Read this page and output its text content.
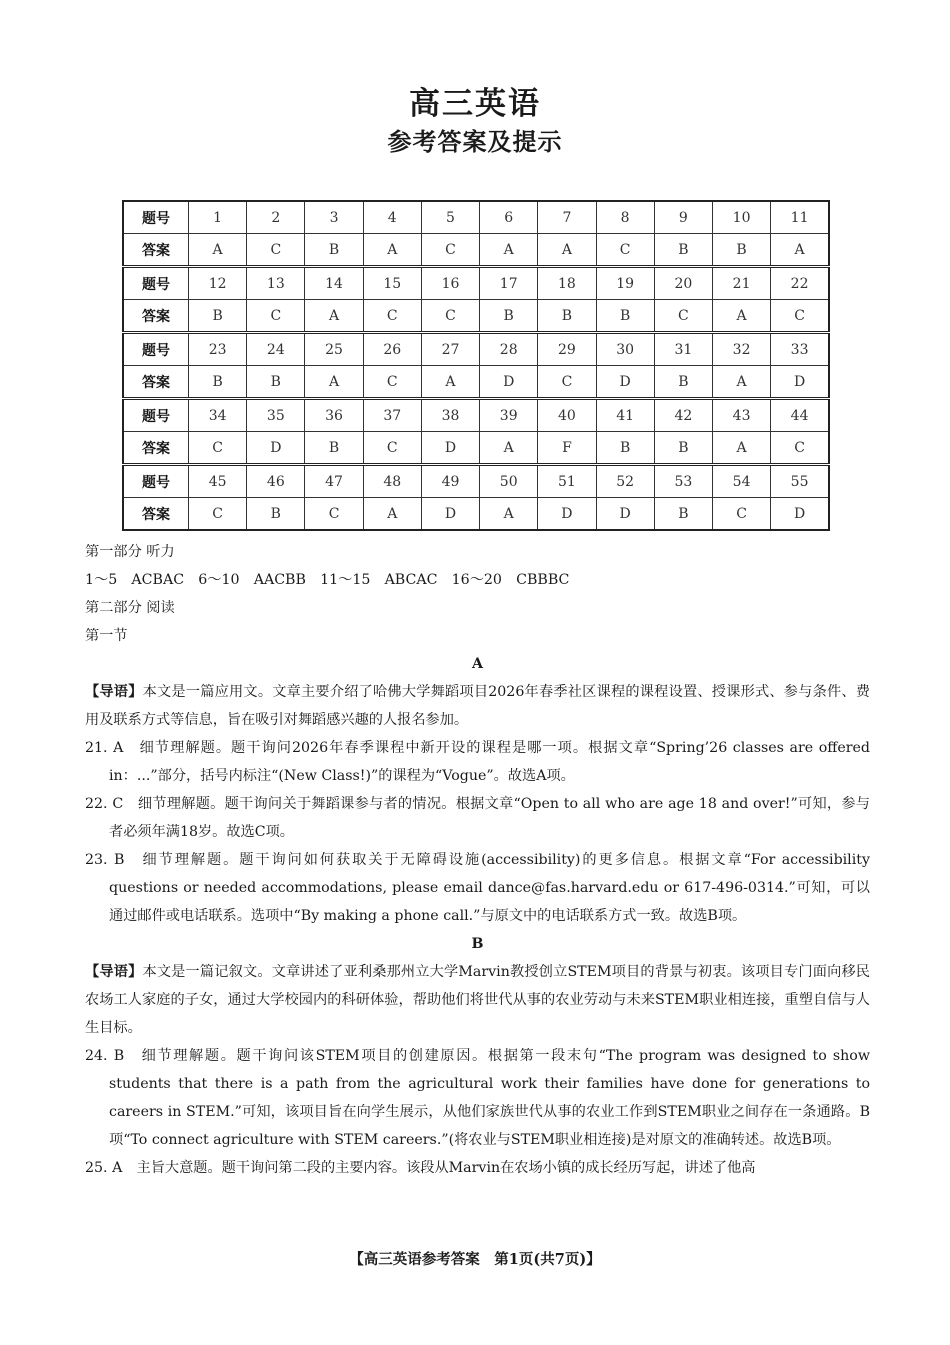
高三英语
参考答案及提示
题号	1	2	3	4	5	6	7	8	9	10	11
答案	A	C	B	A	C	A	A	C	B	B	A
题号	12	13	14	15	16	17	18	19	20	21	22
答案	B	C	A	C	C	B	B	B	C	A	C
题号	23	24	25	26	27	28	29	30	31	32	33
答案	B	B	A	C	A	D	C	D	B	A	D
题号	34	35	36	37	38	39	40	41	42	43	44
答案	C	D	B	C	D	A	F	B	B	A	C
题号	45	46	47	48	49	50	51	52	53	54	55
答案	C	B	C	A	D	A	D	D	B	C	D

第一部分 听力

1～5　ACBAC　6～10　AACBB　11～15　ABCAC　16～20　CBBBC

第二部分 阅读

第一节

A

【导语】本文是一篇应用文。文章主要介绍了哈佛大学舞蹈项目2026年春季社区课程的课程设置、授课形式、参与条件、费用及联系方式等信息，旨在吸引对舞蹈感兴趣的人报名参加。

21. A　 细节理解题。题干询问2026年春季课程中新开设的课程是哪一项。根据文章“Spring’26 classes are offered in：...”部分，括号内标注“(New Class!)”的课程为“Vogue”。故选A项。

22. C　 细节理解题。题干询问关于舞蹈课参与者的情况。根据文章“Open to all who are age 18 and over!”可知，参与者必须年满18岁。故选C项。

23. B　 细节理解题。题干询问如何获取关于无障碍设施(accessibility)的更多信息。根据文章“For accessibility questions or needed accommodations, please email dance@fas.harvard.edu or 617-496-0314.”可知，可以通过邮件或电话联系。选项中“By making a phone call.”与原文中的电话联系方式一致。故选B项。

B

【导语】本文是一篇记叙文。文章讲述了亚利桑那州立大学Marvin教授创立STEM项目的背景与初衷。该项目专门面向移民农场工人家庭的子女，通过大学校园内的科研体验，帮助他们将世代从事的农业劳动与未来STEM职业相连接，重塑自信与人生目标。

24. B　 细节理解题。题干询问该STEM项目的创建原因。根据第一段末句“The program was designed to show students that there is a path from the agricultural work their families have done for generations to careers in STEM.”可知，该项目旨在向学生展示，从他们家族世代从事的农业工作到STEM职业之间存在一条通路。B项“To connect agriculture with STEM careers.”(将农业与STEM职业相连接)是对原文的准确转述。故选B项。

25. A　 主旨大意题。题干询问第二段的主要内容。该段从Marvin在农场小镇的成长经历写起，讲述了他高

【高三英语参考答案　第1页(共7页)】
